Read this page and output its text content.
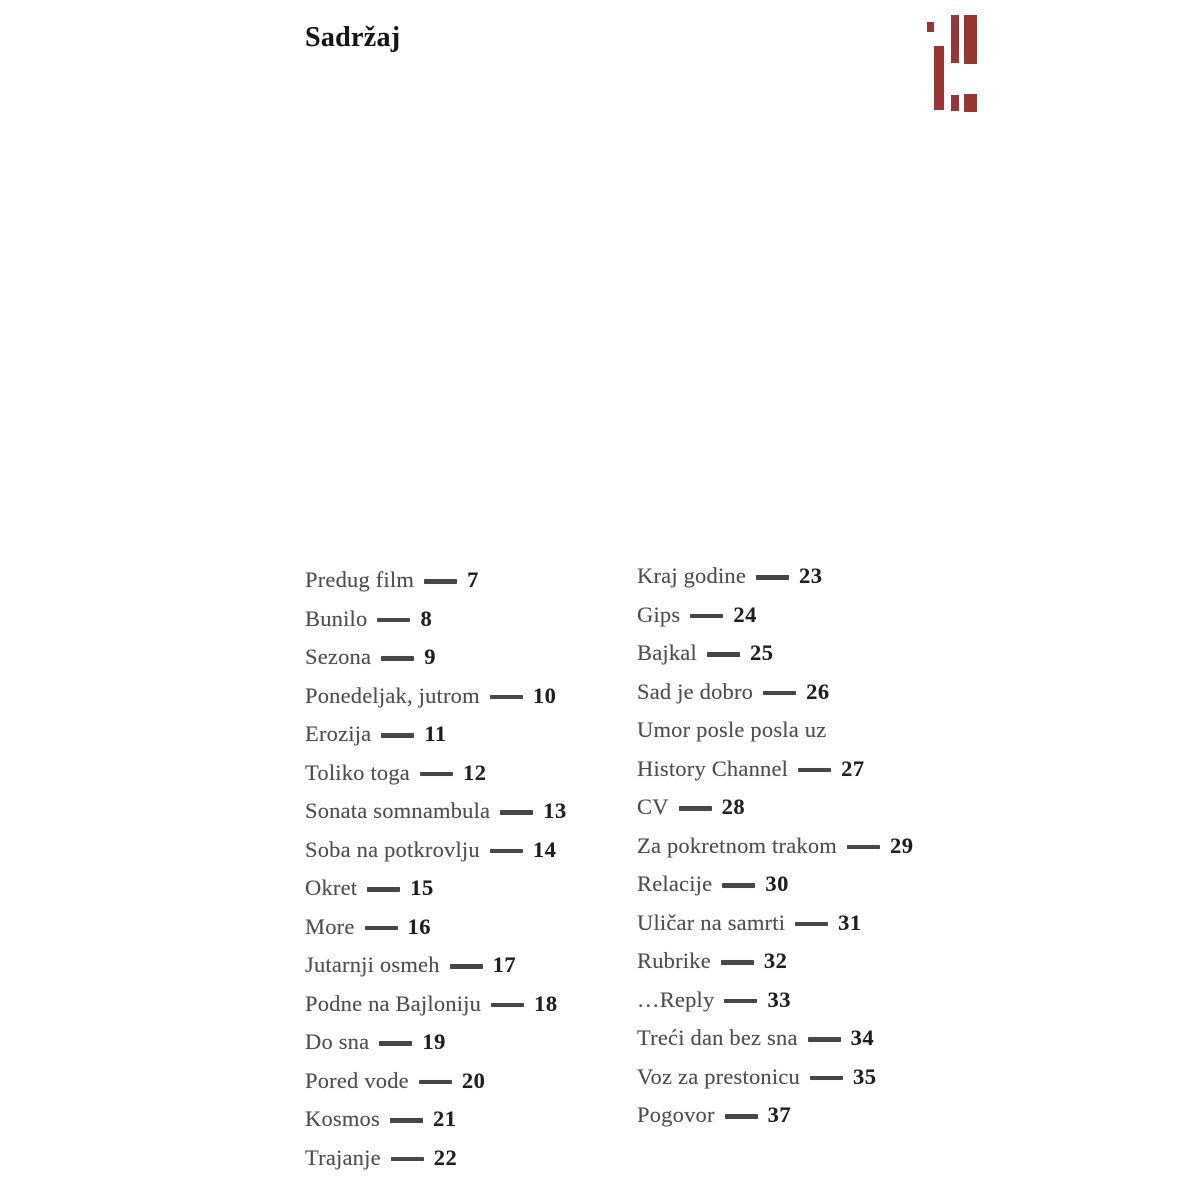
Sadržaj
Predug film 7
Bunilo 8
Sezona 9
Ponedeljak, jutrom 10
Erozija 11
Toliko toga 12
Sonata somnambula 13
Soba na potkrovlju 14
Okret 15
More 16
Jutarnji osmeh 17
Podne na Bajloniju 18
Do sna 19
Pored vode 20
Kosmos 21
Trajanje 22
Kraj godine 23
Gips 24
Bajkal 25
Sad je dobro 26
Umor posle posla uz
History Channel 27
CV 28
Za pokretnom trakom 29
Relacije 30
Uličar na samrti 31
Rubrike 32
…Reply 33
Treći dan bez sna 34
Voz za prestonicu 35
Pogovor 37
